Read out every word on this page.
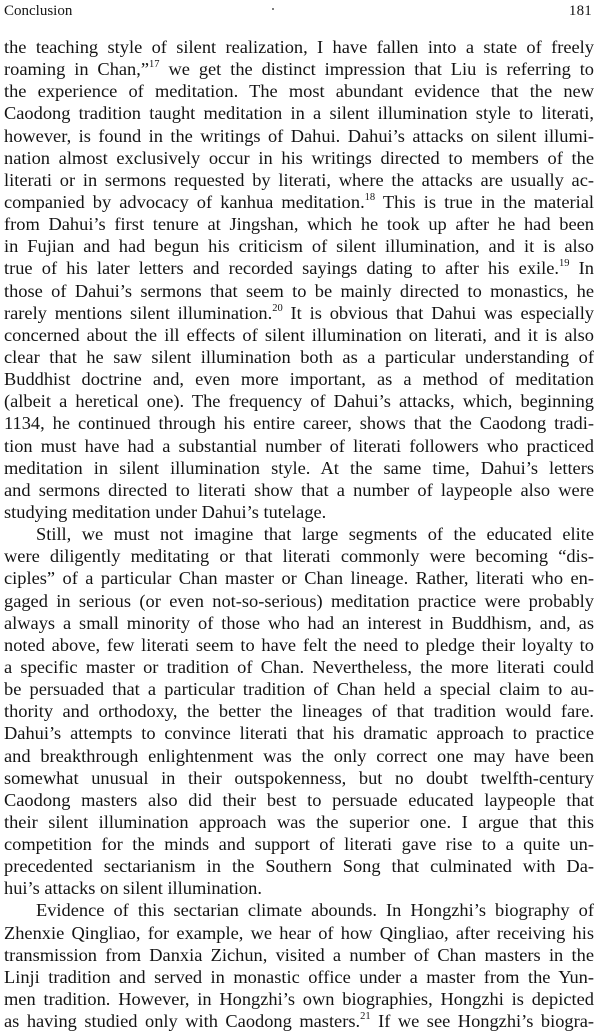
Conclusion	181
the teaching style of silent realization, I have fallen into a state of freely
roaming in Chan,”$^{17}$ we get the distinct impression that Liu is referring to
the experience of meditation. The most abundant evidence that the new
Caodong tradition taught meditation in a silent illumination style to literati,
however, is found in the writings of Dahui. Dahui’s attacks on silent illumi-
nation almost exclusively occur in his writings directed to members of the
literati or in sermons requested by literati, where the attacks are usually ac-
companied by advocacy of kanhua meditation.$^{18}$ This is true in the material
from Dahui’s first tenure at Jingshan, which he took up after he had been
in Fujian and had begun his criticism of silent illumination, and it is also
true of his later letters and recorded sayings dating to after his exile.$^{19}$ In
those of Dahui’s sermons that seem to be mainly directed to monastics, he
rarely mentions silent illumination.$^{20}$ It is obvious that Dahui was especially
concerned about the ill effects of silent illumination on literati, and it is also
clear that he saw silent illumination both as a particular understanding of
Buddhist doctrine and, even more important, as a method of meditation
(albeit a heretical one). The frequency of Dahui’s attacks, which, beginning
1134, he continued through his entire career, shows that the Caodong tradi-
tion must have had a substantial number of literati followers who practiced
meditation in silent illumination style. At the same time, Dahui’s letters
and sermons directed to literati show that a number of laypeople also were
studying meditation under Dahui’s tutelage.
Still, we must not imagine that large segments of the educated elite
were diligently meditating or that literati commonly were becoming “dis-
ciples” of a particular Chan master or Chan lineage. Rather, literati who en-
gaged in serious (or even not-so-serious) meditation practice were probably
always a small minority of those who had an interest in Buddhism, and, as
noted above, few literati seem to have felt the need to pledge their loyalty to
a specific master or tradition of Chan. Nevertheless, the more literati could
be persuaded that a particular tradition of Chan held a special claim to au-
thority and orthodoxy, the better the lineages of that tradition would fare.
Dahui’s attempts to convince literati that his dramatic approach to practice
and breakthrough enlightenment was the only correct one may have been
somewhat unusual in their outspokenness, but no doubt twelfth-century
Caodong masters also did their best to persuade educated laypeople that
their silent illumination approach was the superior one. I argue that this
competition for the minds and support of literati gave rise to a quite un-
precedented sectarianism in the Southern Song that culminated with Da-
hui’s attacks on silent illumination.
Evidence of this sectarian climate abounds. In Hongzhi’s biography of
Zhenxie Qingliao, for example, we hear of how Qingliao, after receiving his
transmission from Danxia Zichun, visited a number of Chan masters in the
Linji tradition and served in monastic office under a master from the Yun-
men tradition. However, in Hongzhi’s own biographies, Hongzhi is depicted
as having studied only with Caodong masters.$^{21}$ If we see Hongzhi’s biogra-
